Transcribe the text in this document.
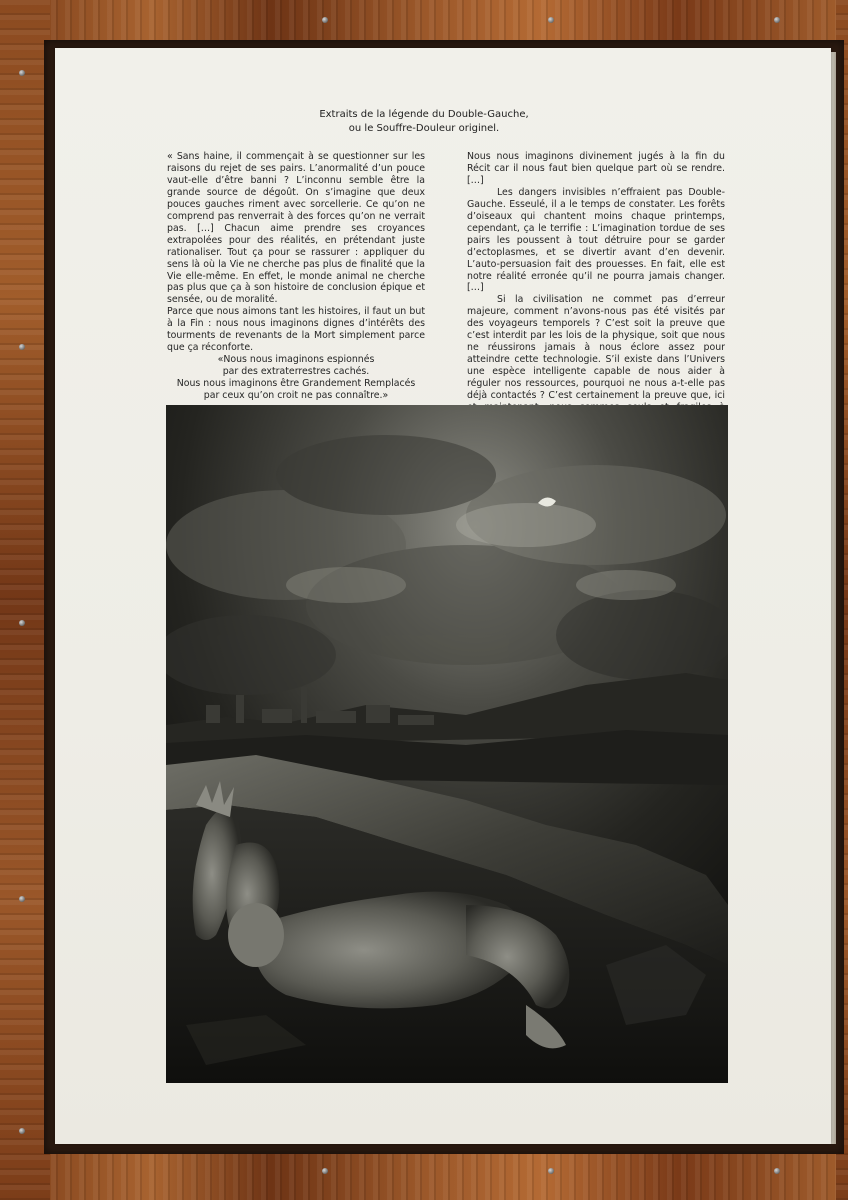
Extraits de la légende du Double-Gauche,
ou le Souffre-Douleur originel.

« Sans haine, il commençait à se questionner sur les raisons du rejet de ses pairs. L’anormalité d’un pouce vaut-elle d’être banni ? L’inconnu semble être la grande source de dégoût. On s’imagine que deux pouces gauches riment avec sorcellerie. Ce qu’on ne comprend pas renverrait à des forces qu’on ne verrait pas. […] Chacun aime prendre ses croyances extrapolées pour des réalités, en prétendant juste rationaliser. Tout ça pour se rassurer : appliquer du sens là où la Vie ne cherche pas plus de finalité que la Vie elle-même. En effet, le monde animal ne cherche pas plus que ça à son histoire de conclusion épique et sensée, ou de moralité.

Parce que nous aimons tant les histoires, il faut un but à la Fin : nous nous imaginons dignes d’intérêts des tourments de revenants de la Mort simplement parce que ça réconforte.

«Nous nous imaginons espionnés

par des extraterrestres cachés.

Nous nous imaginons être Grandement Remplacés

par ceux qu’on croit ne pas connaître.»

Nous nous imaginons divinement jugés à la fin du Récit car il nous faut bien quelque part où se rendre. […]

Les dangers invisibles n’effraient pas Double-Gauche. Esseulé, il a le temps de constater. Les forêts d’oiseaux qui chantent moins chaque printemps, cependant, ça le terrifie : L’imagination tordue de ses pairs les poussent à tout détruire pour se garder d’ectoplasmes, et se divertir avant d’en devenir. L’auto-persuasion fait des prouesses. En fait, elle est notre réalité erronée qu’il ne pourra jamais changer. […]

Si la civilisation ne commet pas d’erreur majeure, comment n’avons-nous pas été visités par des voyageurs temporels ? C’est soit la preuve que c’est interdit par les lois de la physique, soit que nous ne réussirons jamais à nous éclore assez pour atteindre cette technologie. S’il existe dans l’Univers une espèce intelligente capable de nous aider à réguler nos ressources, pourquoi ne nous a-t-elle pas déjà contactés ? C’est certainement la preuve que, ici
